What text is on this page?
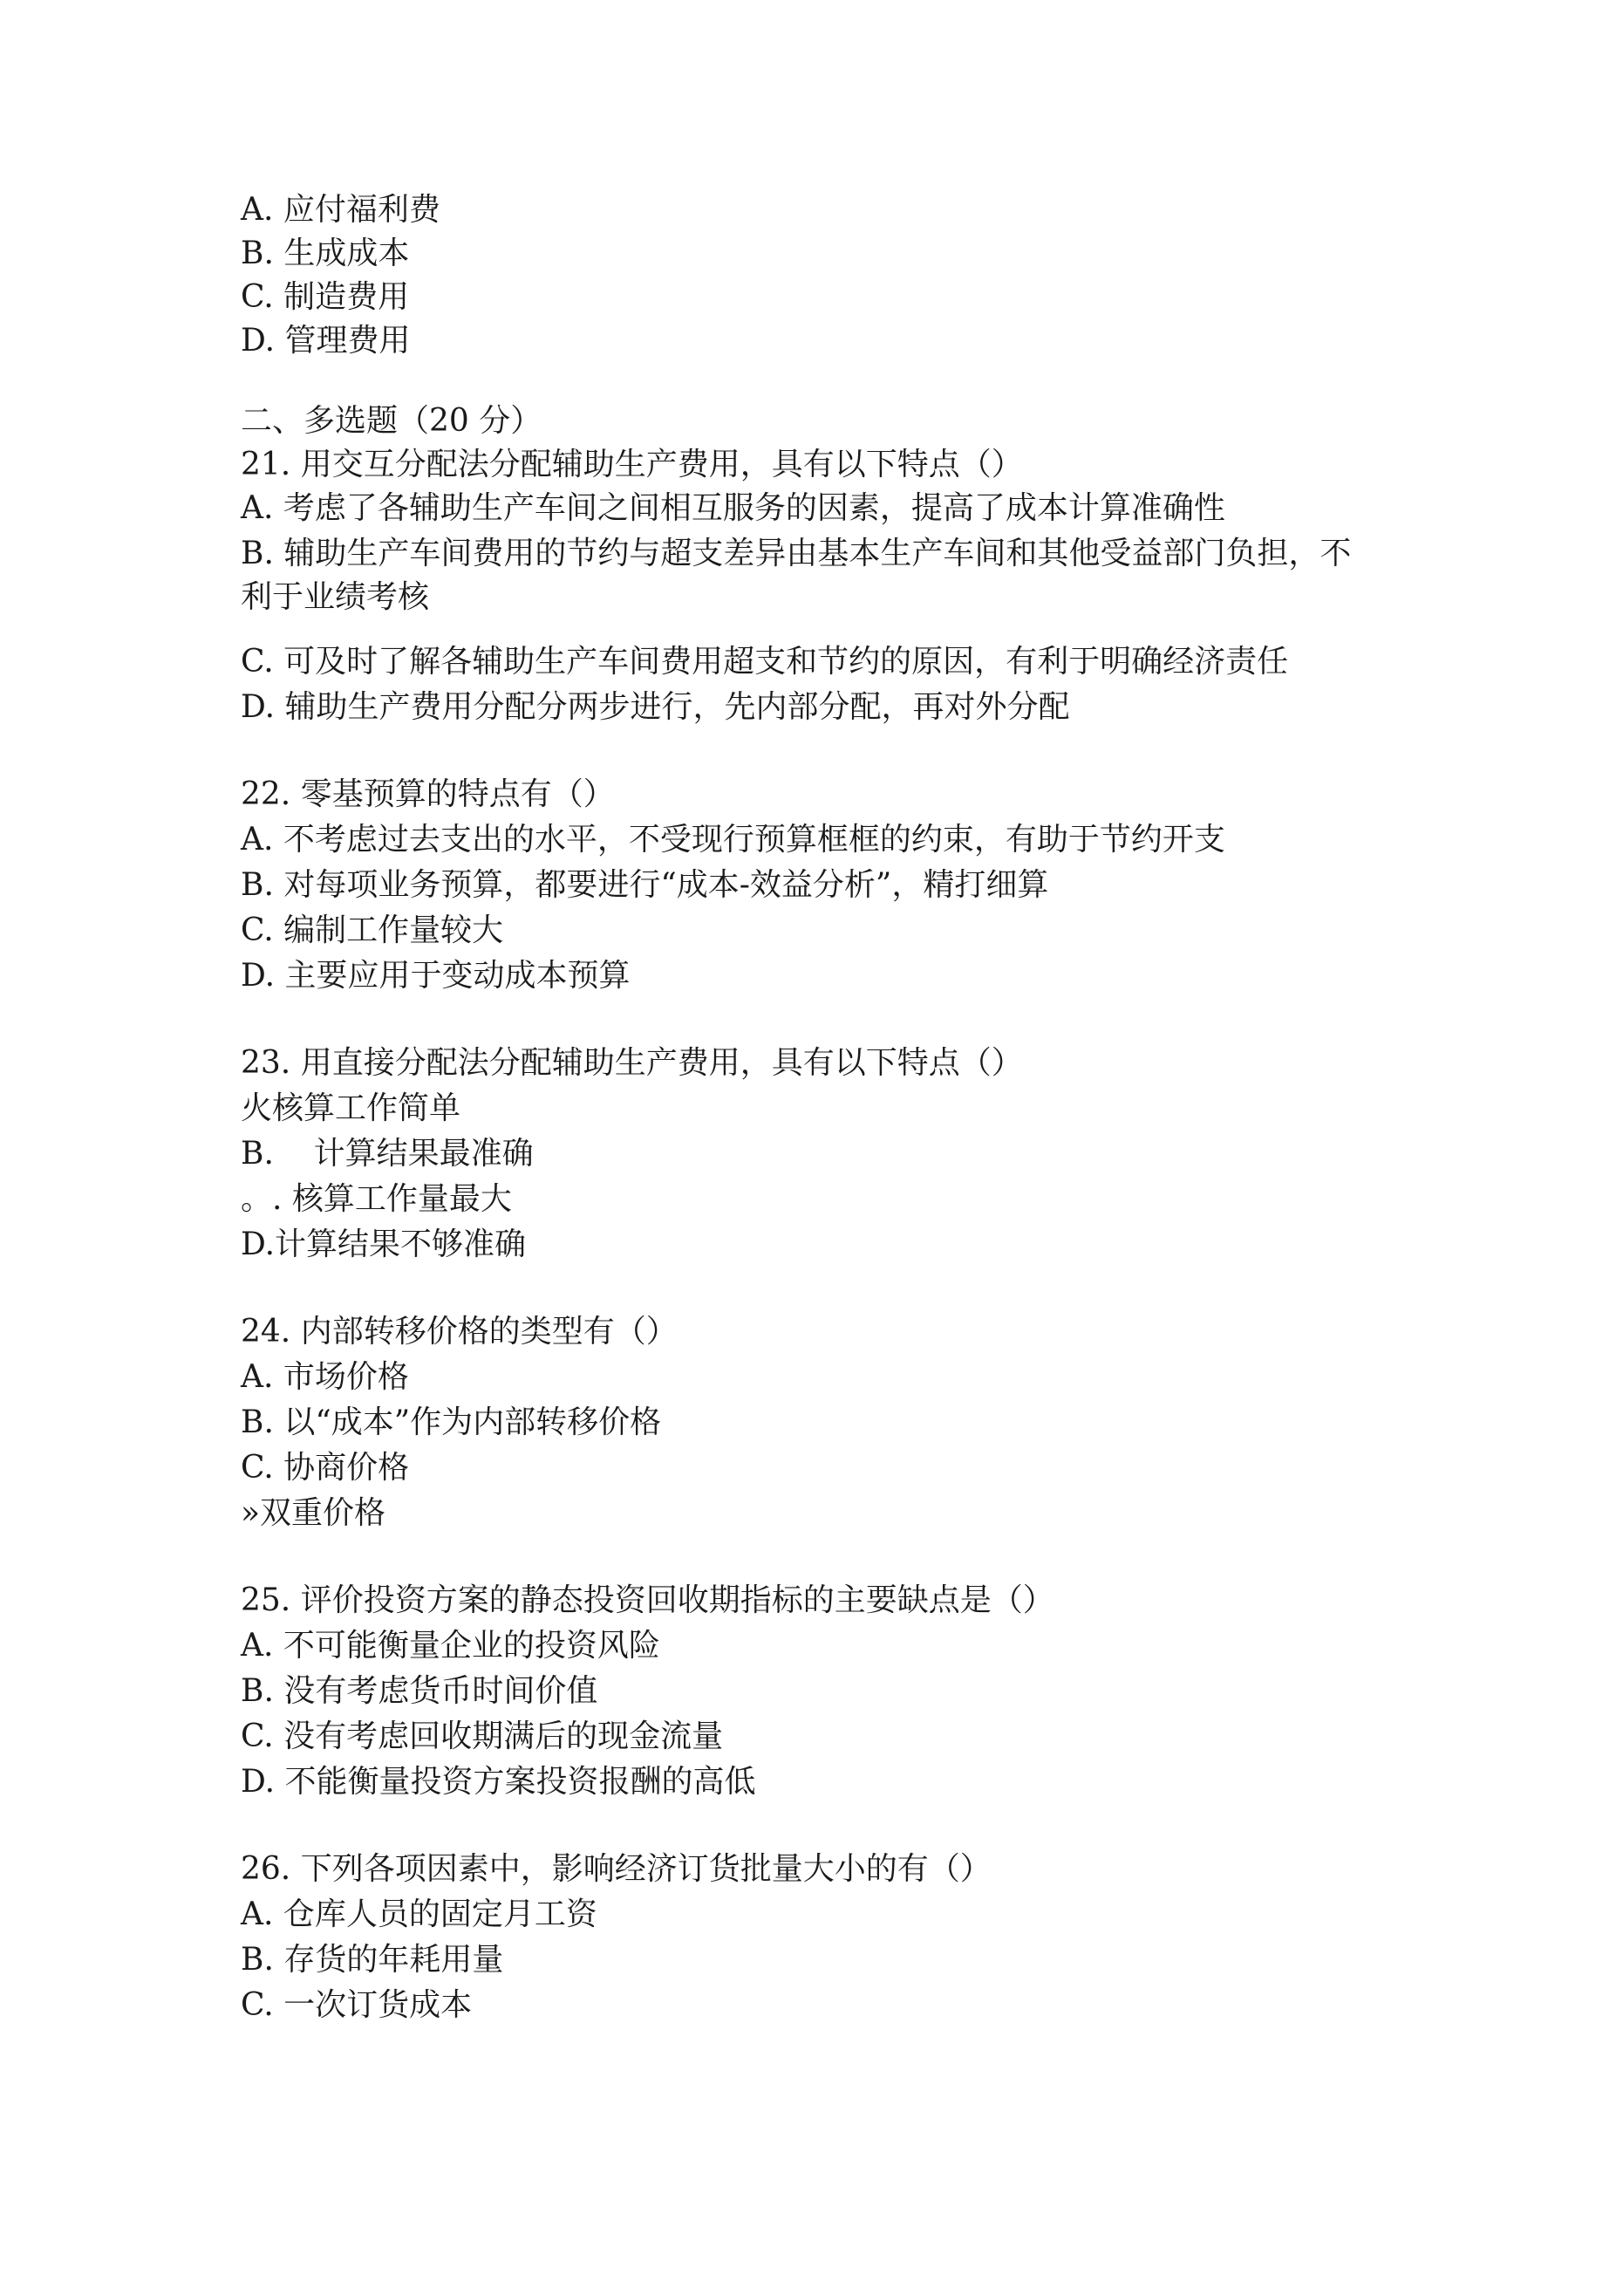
A. 应付福利费
B. 生成成本
C. 制造费用
D. 管理费用
二、多选题（20 分）
21. 用交互分配法分配辅助生产费用，具有以下特点（）
A. 考虑了各辅助生产车间之间相互服务的因素，提高了成本计算准确性
B. 辅助生产车间费用的节约与超支差异由基本生产车间和其他受益部门负担，不
利于业绩考核
C. 可及时了解各辅助生产车间费用超支和节约的原因，有利于明确经济责任
D. 辅助生产费用分配分两步进行，先内部分配，再对外分配
22. 零基预算的特点有（）
A. 不考虑过去支出的水平，不受现行预算框框的约束，有助于节约开支
B. 对每项业务预算，都要进行“成本-效益分析”，精打细算
C. 编制工作量较大
D. 主要应用于变动成本预算
23. 用直接分配法分配辅助生产费用，具有以下特点（）
火核算工作简单
B.    计算结果最准确
。. 核算工作量最大
D.计算结果不够准确
24. 内部转移价格的类型有（）
A. 市场价格
B. 以“成本”作为内部转移价格
C. 协商价格
»双重价格
25. 评价投资方案的静态投资回收期指标的主要缺点是（）
A. 不可能衡量企业的投资风险
B. 没有考虑货币时间价值
C. 没有考虑回收期满后的现金流量
D. 不能衡量投资方案投资报酬的高低
26. 下列各项因素中，影响经济订货批量大小的有（）
A. 仓库人员的固定月工资
B. 存货的年耗用量
C. 一次订货成本
